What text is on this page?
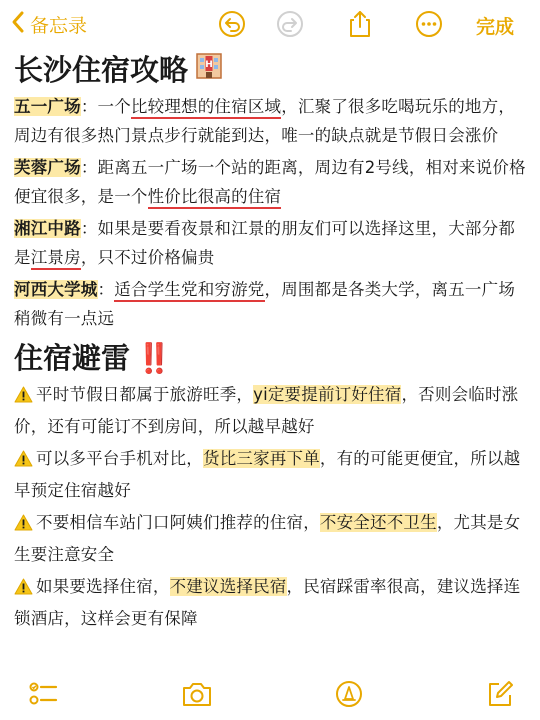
备忘录	完成
长沙住宿攻略 H

五一广场：一个比较理想的住宿区域，汇聚了很多吃喝玩乐的地方，周边有很多热门景点步行就能到达，唯一的缺点就是节假日会涨价

芙蓉广场：距离五一广场一个站的距离，周边有2号线，相对来说价格便宜很多，是一个性价比很高的住宿

湘江中路：如果是要看夜景和江景的朋友们可以选择这里，大部分都是江景房，只不过价格偏贵

河西大学城：适合学生党和穷游党，周围都是各类大学，离五一广场稍微有一点远

住宿避雷 ‼️

平时节假日都属于旅游旺季，yi定要提前订好住宿，否则会临时涨价，还有可能订不到房间，所以越早越好

可以多平台手机对比，货比三家再下单，有的可能更便宜，所以越早预定住宿越好

不要相信车站门口阿姨们推荐的住宿，不安全还不卫生，尤其是女生要注意安全

如果要选择住宿，不建议选择民宿，民宿踩雷率很高，建议选择连锁酒店，这样会更有保障
